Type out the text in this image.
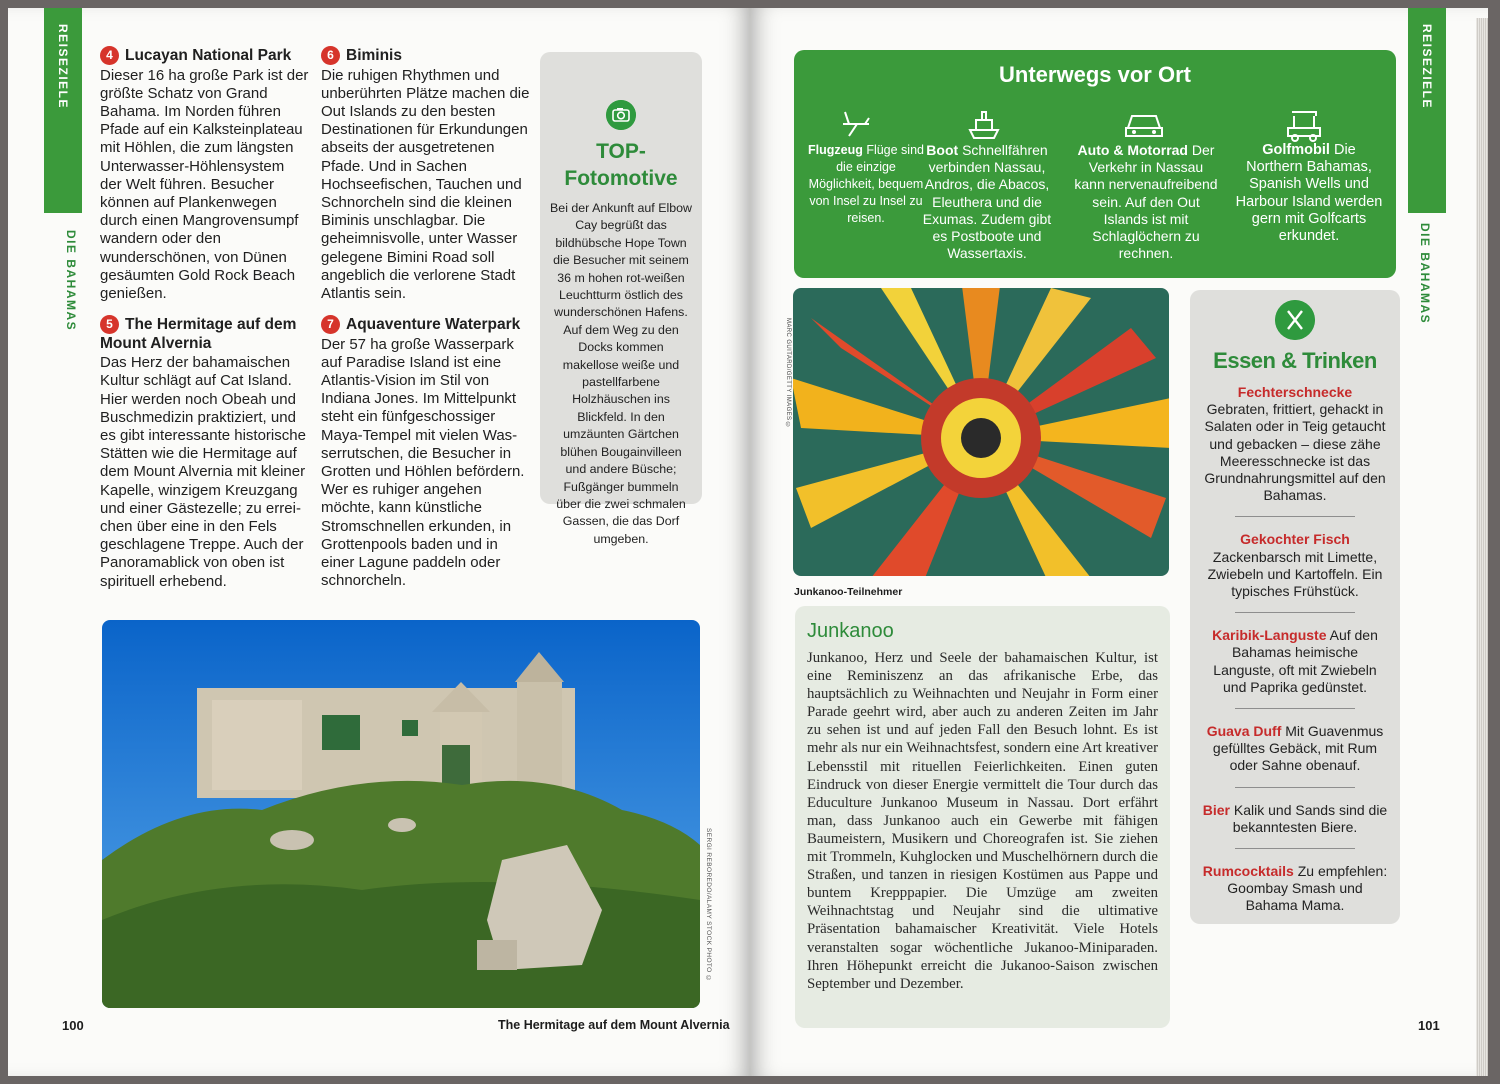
REISEZIELE
DIE BAHAMAS
4 Lucayan National Park

Dieser 16 ha große Park ist der größte Schatz von Grand Bahama. Im Norden führen Pfade auf ein Kalksteinplateau mit Höhlen, die zum längsten Unterwasser-Höhlensystem der Welt führen. Besucher können auf Plankenwegen durch einen Mangrovensumpf wandern oder den wunderschönen, von Dünen gesäumten Gold Rock Beach genießen.

5 The Hermitage auf dem Mount Alvernia

Das Herz der bahamaischen Kultur schlägt auf Cat Island. Hier werden noch Obeah und Buschmedizin praktiziert, und es gibt interessante historische Stätten wie die Hermitage auf dem Mount Alvernia mit kleiner Kapelle, winzigem Kreuzgang und einer Gästezelle; zu erreichen über eine in den Fels geschlagene Treppe. Auch der Panoramablick von oben ist spirituell erhebend.

6 Biminis

Die ruhigen Rhythmen und unberührten Plätze machen die Out Islands zu den besten Destinationen für Erkundungen abseits der ausgetretenen Pfade. Und in Sachen Hochseefischen, Tauchen und Schnorcheln sind die kleinen Biminis unschlagbar. Die geheimnisvolle, unter Wasser gelegene Bimini Road soll angeblich die verlorene Stadt Atlantis sein.

7 Aquaventure Waterpark

Der 57 ha große Wasserpark auf Paradise Island ist eine Atlantis-Vision im Stil von Indiana Jones. Im Mittelpunkt steht ein fünfgeschossiger Maya-Tempel mit vielen Wasserrutschen, die Besucher in Grotten und Höhlen befördern. Wer es ruhiger angehen möchte, kann künstliche Stromschnellen erkunden, in Grottenpools baden und in einer Lagune paddeln oder schnorcheln.

TOP-
Fotomotive

Bei der Ankunft auf Elbow Cay begrüßt das bildhübsche Hope Town die Besucher mit seinem 36 m hohen rot-weißen Leuchtturm östlich des wunderschönen Hafens. Auf dem Weg zu den Docks kommen makellose weiße und pastellfarbene Holzhäuschen ins Blickfeld. In den umzäunten Gärtchen blühen Bougainvilleen und andere Büsche; Fußgänger bummeln über die zwei schmalen Gassen, die das Dorf umgeben.

SERGI REBOREDO/ALAMY STOCK PHOTO ©
The Hermitage auf dem Mount Alvernia
100
REISEZIELE
DIE BAHAMAS
Unterwegs vor Ort
Flugzeug Flüge sind die einzige Möglichkeit, bequem von Insel zu Insel zu reisen.
Boot Schnellfähren verbinden Nassau, Andros, die Abacos, Eleuthera und die Exumas. Zudem gibt es Postboote und Wassertaxis.
Auto & Motorrad Der Verkehr in Nassau kann nervenaufreibend sein. Auf den Out Islands ist mit Schlaglöchern zu rechnen.
Golfmobil Die Northern Bahamas, Spanish Wells und Harbour Island werden gern mit Golfcarts erkundet.
MARC GUITARD/GETTY IMAGES ©
Junkanoo-Teilnehmer
Junkanoo

Junkanoo, Herz und Seele der bahamaischen Kultur, ist eine Reminiszenz an das afrikanische Erbe, das hauptsächlich zu Weihnachten und Neujahr in Form einer Parade geehrt wird, aber auch zu anderen Zeiten im Jahr zu sehen ist und auf jeden Fall den Besuch lohnt. Es ist mehr als nur ein Weihnachtsfest, sondern eine Art kreativer Lebensstil mit rituellen Feierlichkeiten. Einen guten Eindruck von dieser Energie vermittelt die Tour durch das Educulture Junkanoo Museum in Nassau. Dort erfährt man, dass Junkanoo auch ein Gewerbe mit fähigen Baumeistern, Musikern und Choreografen ist. Sie ziehen mit Trommeln, Kuhglocken und Muschelhörnern durch die Straßen, und tanzen in riesigen Kostümen aus Pappe und buntem Krepppapier. Die Umzüge am zweiten Weihnachtstag und Neujahr sind die ultimative Präsentation bahamaischer Kreativität. Viele Hotels veranstalten sogar wöchentliche Jukanoo-Miniparaden. Ihren Höhepunkt erreicht die Jukanoo-Saison zwischen September und Dezember.

Essen & Trinken
Fechterschnecke
Gebraten, frittiert, gehackt in Salaten oder in Teig getaucht und gebacken – diese zähe Meeresschnecke ist das Grundnahrungsmittel auf den Bahamas.
Gekochter Fisch
Zackenbarsch mit Limette, Zwiebeln und Kartoffeln. Ein typisches Frühstück.
Karibik-Languste Auf den Bahamas heimische Languste, oft mit Zwiebeln und Paprika gedünstet.
Guava Duff Mit Guavenmus gefülltes Gebäck, mit Rum oder Sahne obenauf.
Bier Kalik und Sands sind die bekanntesten Biere.
Rumcocktails Zu empfehlen: Goombay Smash und Bahama Mama.
101
